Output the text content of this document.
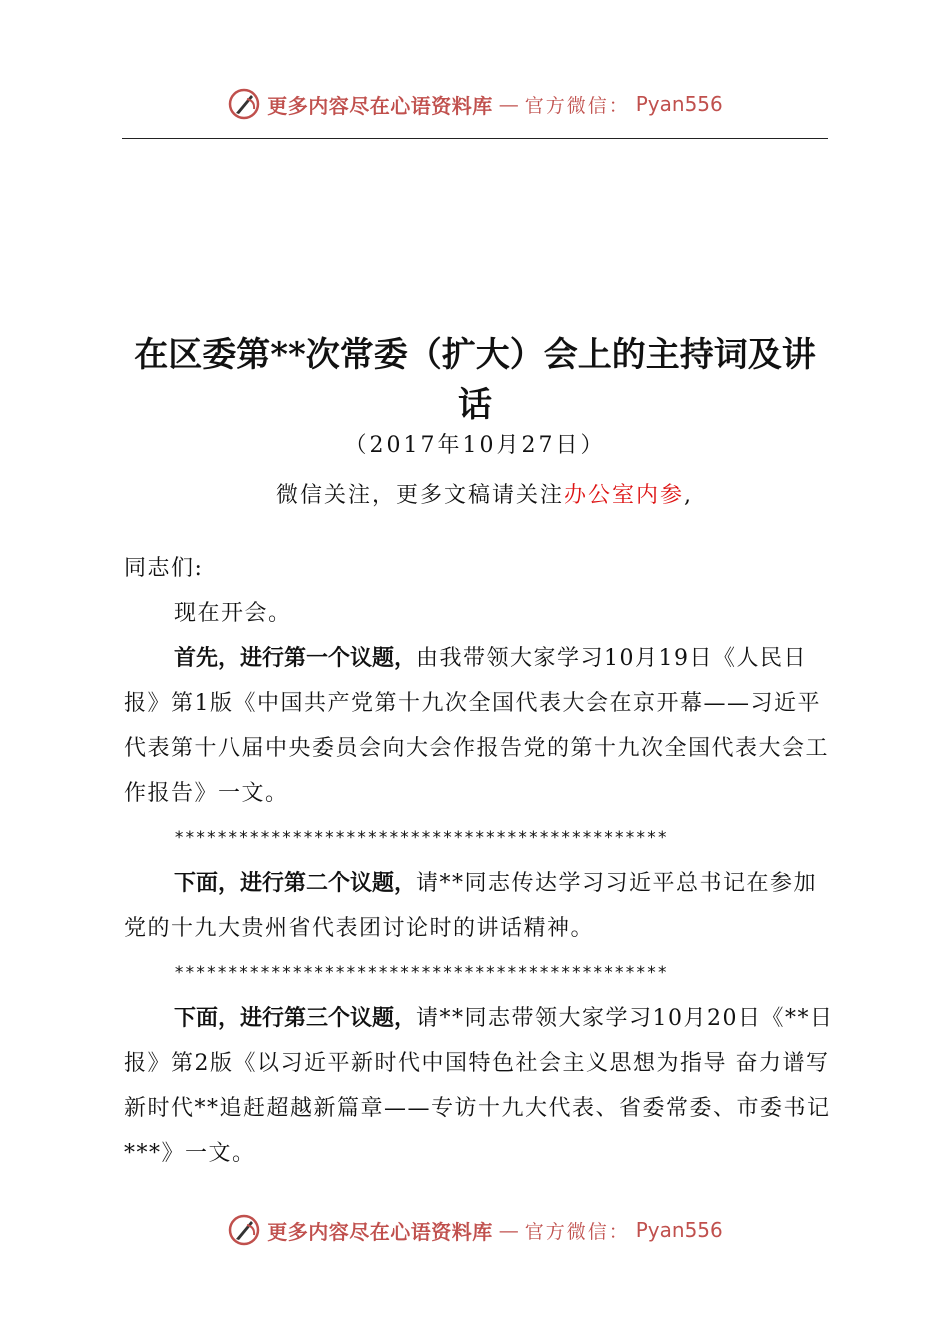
更多内容尽在心语资料库 — 官方微信： Pyan556
在区委第**次常委（扩大）会上的主持词及讲
话
（2017年10月27日）
微信关注，更多文稿请关注办公室内参,

同志们:

现在开会。

首先，进行第一个议题，由我带领大家学习10月19日《人民日报》第1版《中国共产党第十九次全国代表大会在京开幕——习近平代表第十八届中央委员会向大会作报告党的第十九次全国代表大会工作报告》一文。

**********************************************

下面，进行第二个议题，请**同志传达学习习近平总书记在参加党的十九大贵州省代表团讨论时的讲话精神。

**********************************************

下面，进行第三个议题，请**同志带领大家学习10月20日《**日报》第2版《以习近平新时代中国特色社会主义思想为指导 奋力谱写新时代**追赶超越新篇章——专访十九大代表、省委常委、市委书记***》一文。

更多内容尽在心语资料库 — 官方微信： Pyan556
